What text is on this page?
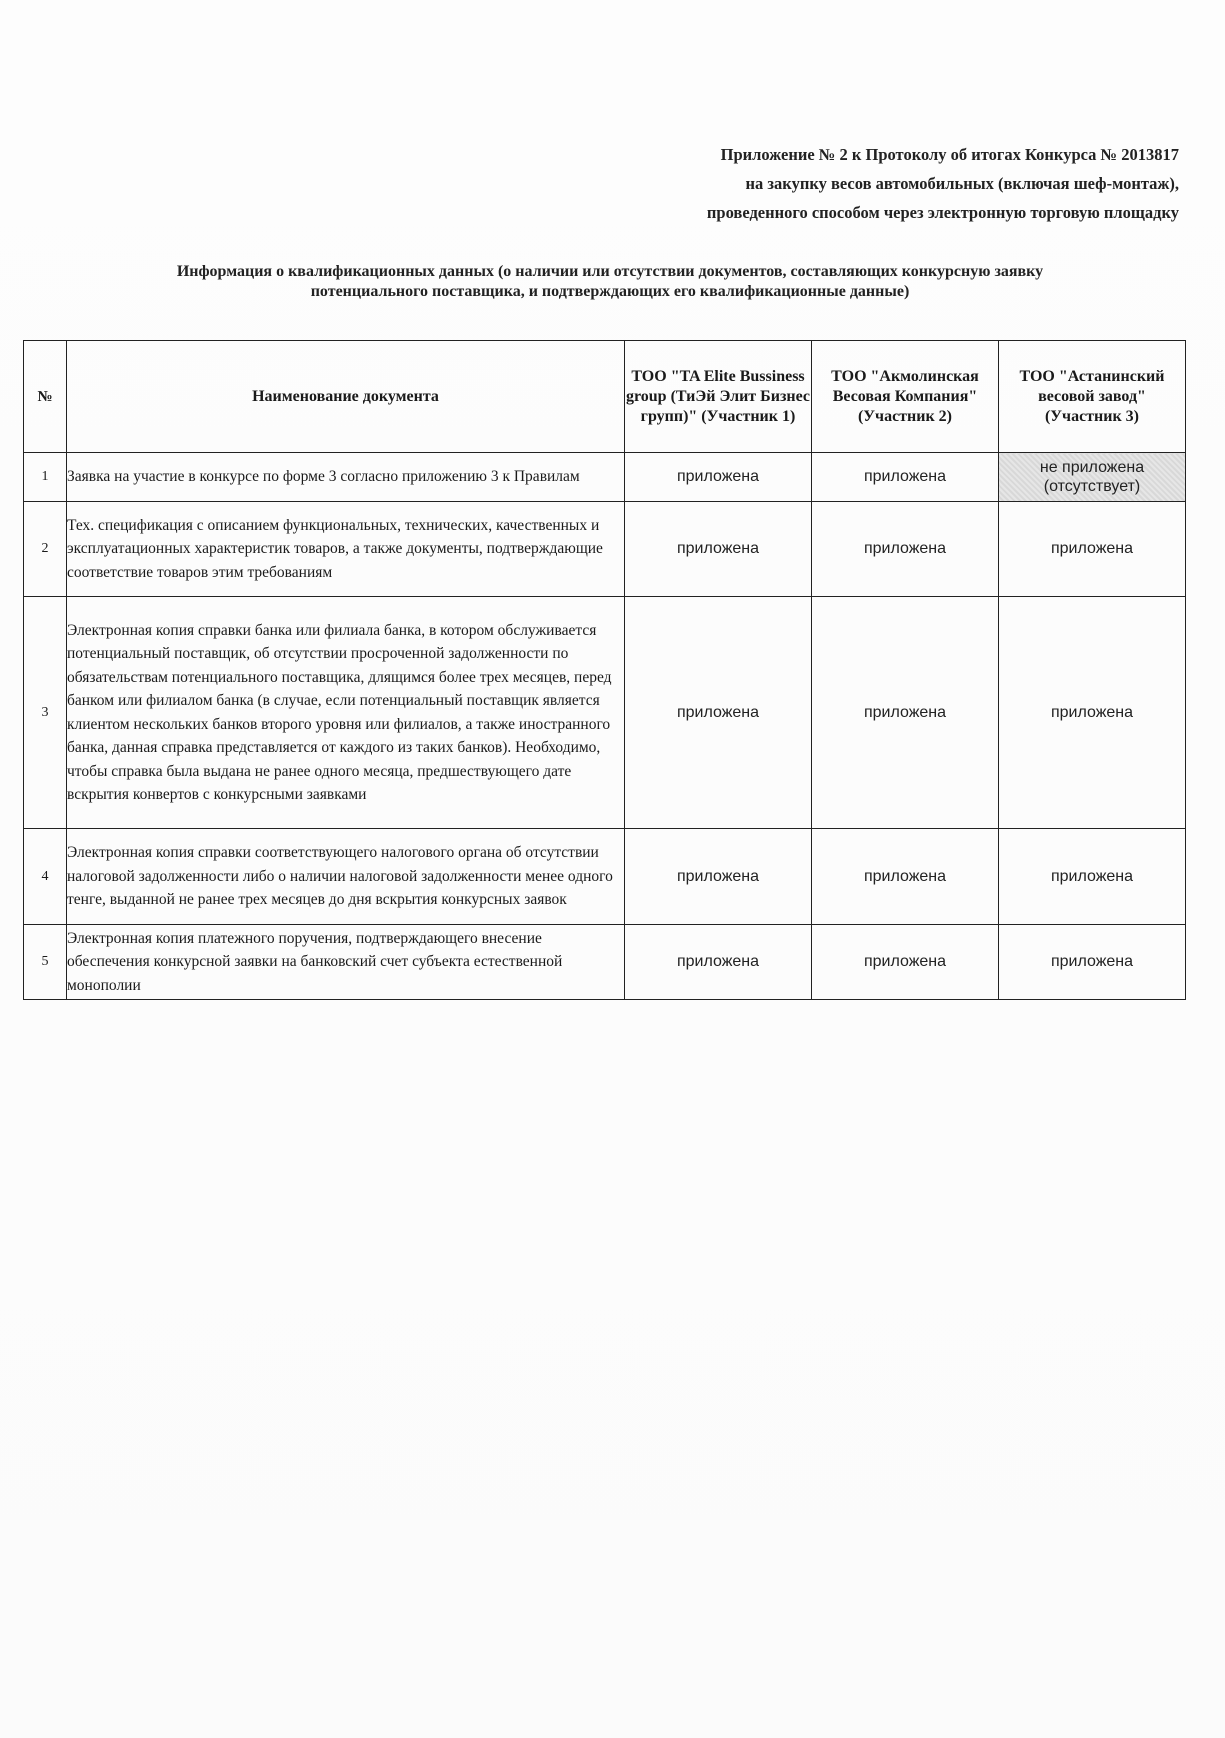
Приложение № 2 к Протоколу об итогах Конкурса № 2013817
на закупку весов автомобильных (включая шеф-монтаж),
проведенного способом через электронную торговую площадку
Информация о квалификационных данных (о наличии или отсутствии документов, составляющих конкурсную заявку
потенциального поставщика, и подтверждающих его квалификационные данные)
№	Наименование документа	ТОО "TA Elite Bussiness group (ТиЭй Элит Бизнес групп)" (Участник 1)	ТОО "Акмолинская Весовая Компания" (Участник 2)	ТОО "Астанинский весовой завод" (Участник 3)
1	Заявка на участие в конкурсе по форме 3 согласно приложению 3 к Правилам	приложена	приложена	не приложена (отсутствует)
2	Тех. спецификация с описанием функциональных, технических, качественных и эксплуатационных характеристик товаров, а также документы, подтверждающие соответствие товаров этим требованиям	приложена	приложена	приложена
3	Электронная копия справки банка или филиала банка, в котором обслуживается потенциальный поставщик, об отсутствии просроченной задолженности по обязательствам потенциального поставщика, длящимся более трех месяцев, перед банком или филиалом банка (в случае, если потенциальный поставщик является клиентом нескольких банков второго уровня или филиалов, а также иностранного банка, данная справка представляется от каждого из таких банков). Необходимо, чтобы справка была выдана не ранее одного месяца, предшествующего дате вскрытия конвертов с конкурсными заявками	приложена	приложена	приложена
4	Электронная копия справки соответствующего налогового органа об отсутствии налоговой задолженности либо о наличии налоговой задолженности менее одного тенге, выданной не ранее трех месяцев до дня вскрытия конкурсных заявок	приложена	приложена	приложена
5	Электронная копия платежного поручения, подтверждающего внесение обеспечения конкурсной заявки на банковский счет субъекта естественной монополии	приложена	приложена	приложена
